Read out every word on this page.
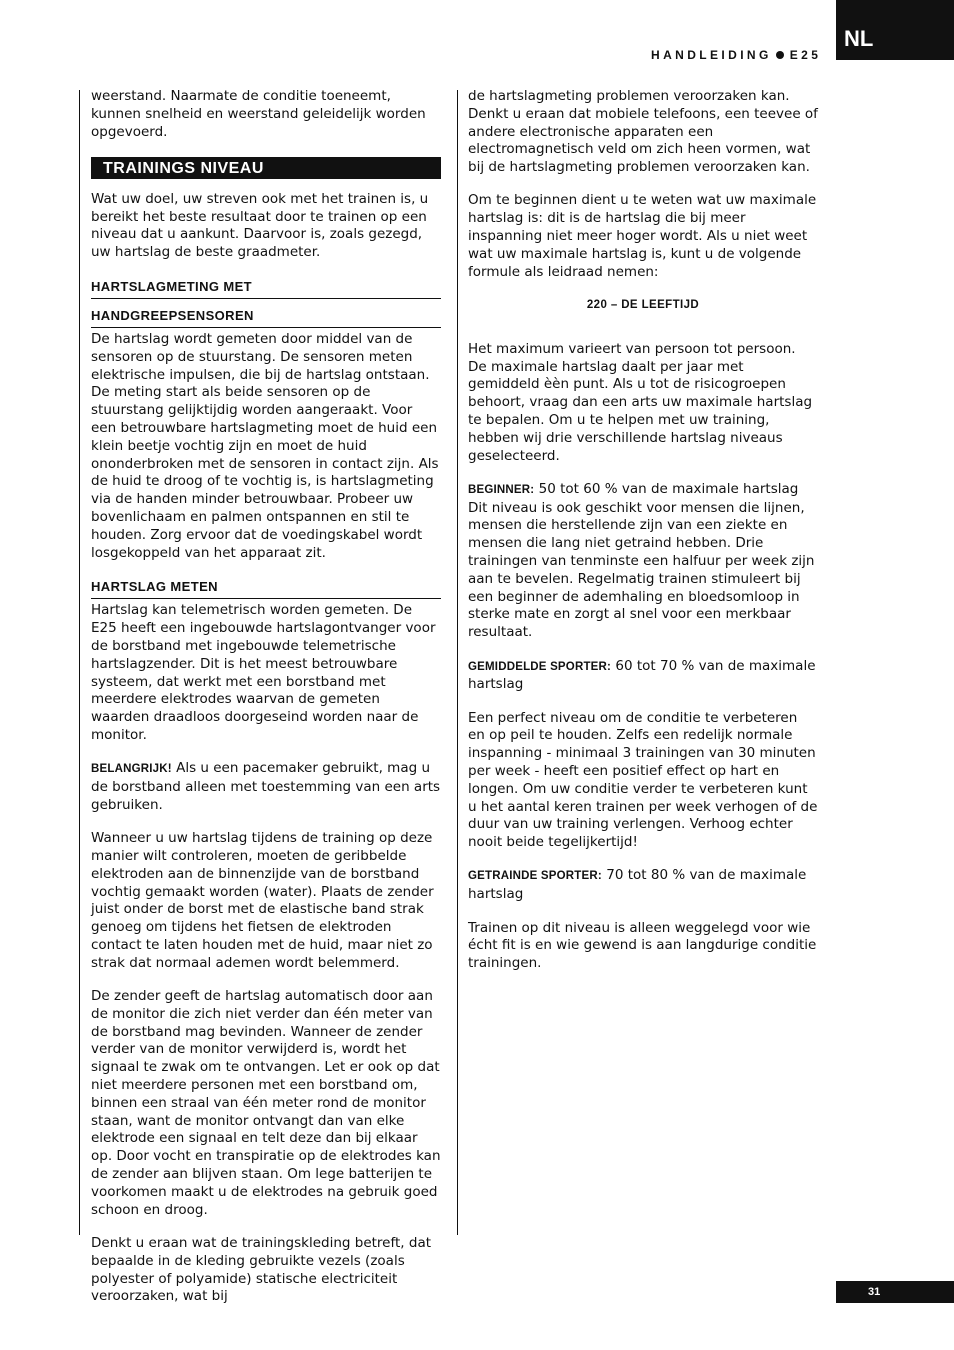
NL
HANDLEIDING E25

weerstand. Naarmate de conditie toeneemt, kunnen snelheid en weerstand geleidelijk worden opgevoerd.

TRAININGS NIVEAU

Wat uw doel, uw streven ook met het trainen is, u bereikt het beste resultaat door te trainen op een niveau dat u aankunt. Daarvoor is, zoals gezegd, uw hartslag de beste graadmeter.

HARTSLAGMETING MET
HANDGREEPSENSOREN

De hartslag wordt gemeten door middel van de sensoren op de stuurstang. De sensoren meten elektrische impulsen, die bij de hartslag ontstaan. De meting start als beide sensoren op de stuurstang gelijktijdig worden aangeraakt. Voor een betrouwbare hartslagmeting moet de huid een klein beetje vochtig zijn en moet de huid ononderbroken met de sensoren in contact zijn. Als de huid te droog of te vochtig is, is hartslagmeting via de handen minder betrouwbaar. Probeer uw bovenlichaam en palmen ontspannen en stil te houden. Zorg ervoor dat de voedingskabel wordt losgekoppeld van het apparaat zit.

HARTSLAG METEN

Hartslag kan telemetrisch worden gemeten. De E25 heeft een ingebouwde hartslagontvanger voor de borstband met ingebouwde telemetrische hartslagzender. Dit is het meest betrouwbare systeem, dat werkt met een borstband met meerdere elektrodes waarvan de gemeten waarden draadloos doorgeseind worden naar de monitor.

BELANGRIJK! Als u een pacemaker gebruikt, mag u de borstband alleen met toestemming van een arts gebruiken.

Wanneer u uw hartslag tijdens de training op deze manier wilt controleren, moeten de geribbelde elektroden aan de binnenzijde van de borstband vochtig gemaakt worden (water). Plaats de zender juist onder de borst met de elastische band strak genoeg om tijdens het fietsen de elektroden contact te laten houden met de huid, maar niet zo strak dat normaal ademen wordt belemmerd.

De zender geeft de hartslag automatisch door aan de monitor die zich niet verder dan één meter van de borstband mag bevinden. Wanneer de zender verder van de monitor verwijderd is, wordt het signaal te zwak om te ontvangen. Let er ook op dat niet meerdere personen met een borstband om, binnen een straal van één meter rond de monitor staan, want de monitor ontvangt dan van elke elektrode een signaal en telt deze dan bij elkaar op. Door vocht en transpiratie op de elektrodes kan de zender aan blijven staan. Om lege batterijen te voorkomen maakt u de elektrodes na gebruik goed schoon en droog.

Denkt u eraan wat de trainingskleding betreft, dat bepaalde in de kleding gebruikte vezels (zoals polyester of polyamide) statische electriciteit veroorzaken, wat bij

de hartslagmeting problemen veroorzaken kan. Denkt u eraan dat mobiele telefoons, een teevee of andere electronische apparaten een electromagnetisch veld om zich heen vormen, wat bij de hartslagmeting problemen veroorzaken kan.

Om te beginnen dient u te weten wat uw maximale hartslag is: dit is de hartslag die bij meer inspanning niet meer hoger wordt. Als u niet weet wat uw maximale hartslag is, kunt u de volgende formule als leidraad nemen:

220 – DE LEEFTIJD

Het maximum varieert van persoon tot persoon. De maximale hartslag daalt per jaar met gemiddeld èèn punt. Als u tot de risicogroepen behoort, vraag dan een arts uw maximale hartslag te bepalen. Om u te helpen met uw training, hebben wij drie verschillende hartslag niveaus geselecteerd.

BEGINNER: 50 tot 60 % van de maximale hartslag
Dit niveau is ook geschikt voor mensen die lijnen, mensen die herstellende zijn van een ziekte en mensen die lang niet getraind hebben. Drie trainingen van tenminste een halfuur per week zijn aan te bevelen. Regelmatig trainen stimuleert bij een beginner de ademhaling en bloedsomloop in sterke mate en zorgt al snel voor een merkbaar resultaat.

GEMIDDELDE SPORTER: 60 tot 70 % van de maximale hartslag

Een perfect niveau om de conditie te verbeteren en op peil te houden. Zelfs een redelijk normale inspanning - minimaal 3 trainingen van 30 minuten per week - heeft een positief effect op hart en longen. Om uw conditie verder te verbeteren kunt u het aantal keren trainen per week verhogen of de duur van uw training verlengen. Verhoog echter nooit beide tegelijkertijd!

GETRAINDE SPORTER: 70 tot 80 % van de maximale hartslag

Trainen op dit niveau is alleen weggelegd voor wie écht fit is en wie gewend is aan langdurige conditie trainingen.

31
